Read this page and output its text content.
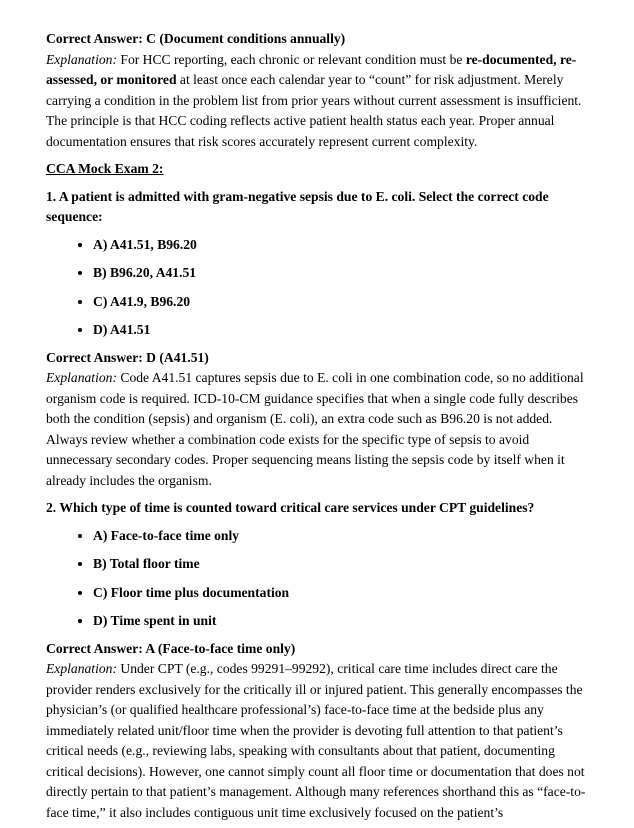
Correct Answer: C (Document conditions annually)
Explanation: For HCC reporting, each chronic or relevant condition must be re-documented, re-assessed, or monitored at least once each calendar year to “count” for risk adjustment. Merely carrying a condition in the problem list from prior years without current assessment is insufficient. The principle is that HCC coding reflects active patient health status each year. Proper annual documentation ensures that risk scores accurately represent current complexity.

CCA Mock Exam 2:

1. A patient is admitted with gram-negative sepsis due to E. coli. Select the correct code sequence:

• A) A41.51, B96.20
• B) B96.20, A41.51
• C) A41.9, B96.20
• D) A41.51

Correct Answer: D (A41.51)
Explanation: Code A41.51 captures sepsis due to E. coli in one combination code, so no additional organism code is required. ICD-10-CM guidance specifies that when a single code fully describes both the condition (sepsis) and organism (E. coli), an extra code such as B96.20 is not added. Always review whether a combination code exists for the specific type of sepsis to avoid unnecessary secondary codes. Proper sequencing means listing the sepsis code by itself when it already includes the organism.

2. Which type of time is counted toward critical care services under CPT guidelines?

• A) Face-to-face time only
• B) Total floor time
• C) Floor time plus documentation
• D) Time spent in unit

Correct Answer: A (Face-to-face time only)
Explanation: Under CPT (e.g., codes 99291–99292), critical care time includes direct care the provider renders exclusively for the critically ill or injured patient. This generally encompasses the physician’s (or qualified healthcare professional’s) face-to-face time at the bedside plus any immediately related unit/floor time when the provider is devoting full attention to that patient’s critical needs (e.g., reviewing labs, speaking with consultants about that patient, documenting critical decisions). However, one cannot simply count all floor time or documentation that does not directly pertain to that patient’s management. Although many references shorthand this as “face-to-face time,” it also includes contiguous unit time exclusively focused on the patient’s
